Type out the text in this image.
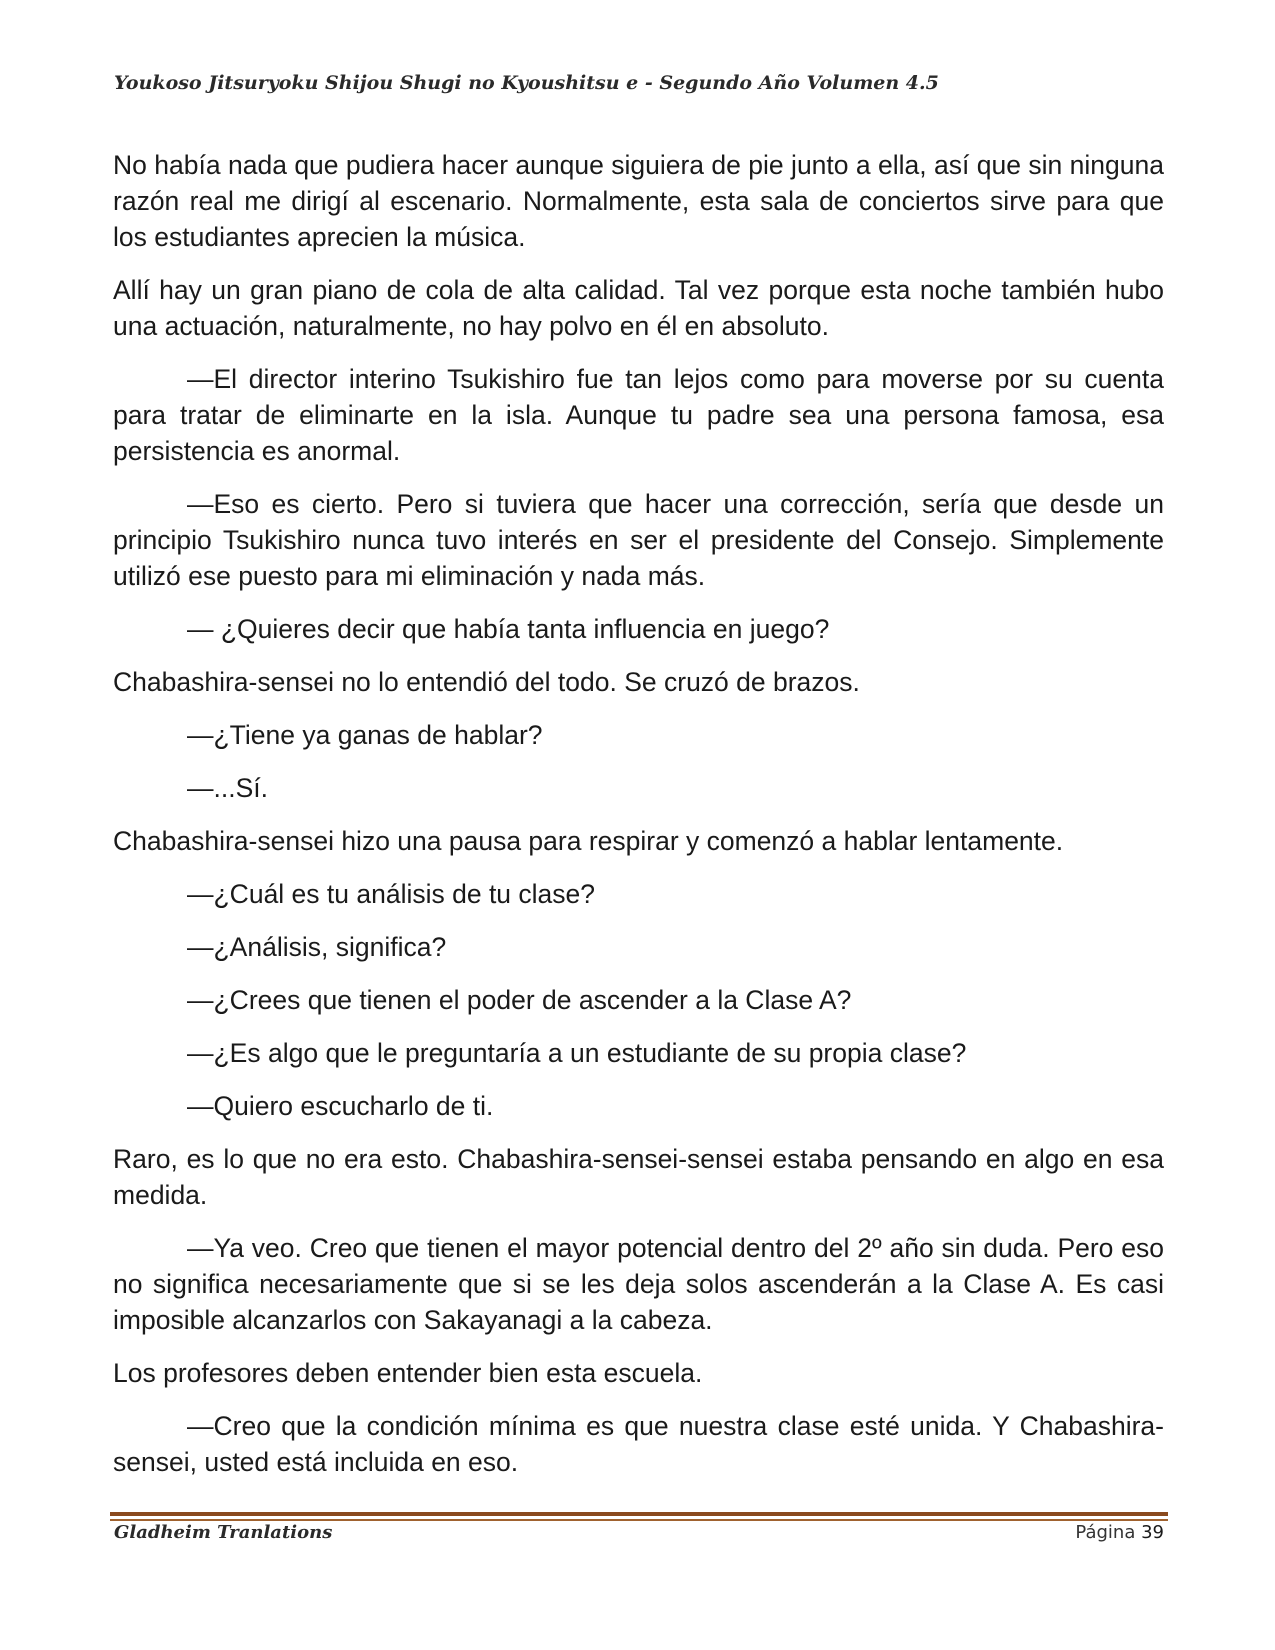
Youkoso Jitsuryoku Shijou Shugi no Kyoushitsu e - Segundo Año Volumen 4.5

No había nada que pudiera hacer aunque siguiera de pie junto a ella, así que sin ninguna razón real me dirigí al escenario. Normalmente, esta sala de conciertos sirve para que los estudiantes aprecien la música.

Allí hay un gran piano de cola de alta calidad. Tal vez porque esta noche también hubo una actuación, naturalmente, no hay polvo en él en absoluto.

—El director interino Tsukishiro fue tan lejos como para moverse por su cuenta para tratar de eliminarte en la isla. Aunque tu padre sea una persona famosa, esa persistencia es anormal.

—Eso es cierto. Pero si tuviera que hacer una corrección, sería que desde un principio Tsukishiro nunca tuvo interés en ser el presidente del Consejo. Simplemente utilizó ese puesto para mi eliminación y nada más.

— ¿Quieres decir que había tanta influencia en juego?

Chabashira-sensei no lo entendió del todo. Se cruzó de brazos.

—¿Tiene ya ganas de hablar?

—...Sí.

Chabashira-sensei hizo una pausa para respirar y comenzó a hablar lentamente.

—¿Cuál es tu análisis de tu clase?

—¿Análisis, significa?

—¿Crees que tienen el poder de ascender a la Clase A?

—¿Es algo que le preguntaría a un estudiante de su propia clase?

—Quiero escucharlo de ti.

Raro, es lo que no era esto. Chabashira-sensei-sensei estaba pensando en algo en esa medida.

—Ya veo. Creo que tienen el mayor potencial dentro del 2º año sin duda. Pero eso no significa necesariamente que si se les deja solos ascenderán a la Clase A. Es casi imposible alcanzarlos con Sakayanagi a la cabeza.

Los profesores deben entender bien esta escuela.

—Creo que la condición mínima es que nuestra clase esté unida. Y Chabashira-sensei, usted está incluida en eso.

Gladheim Tranlations	Página 39
